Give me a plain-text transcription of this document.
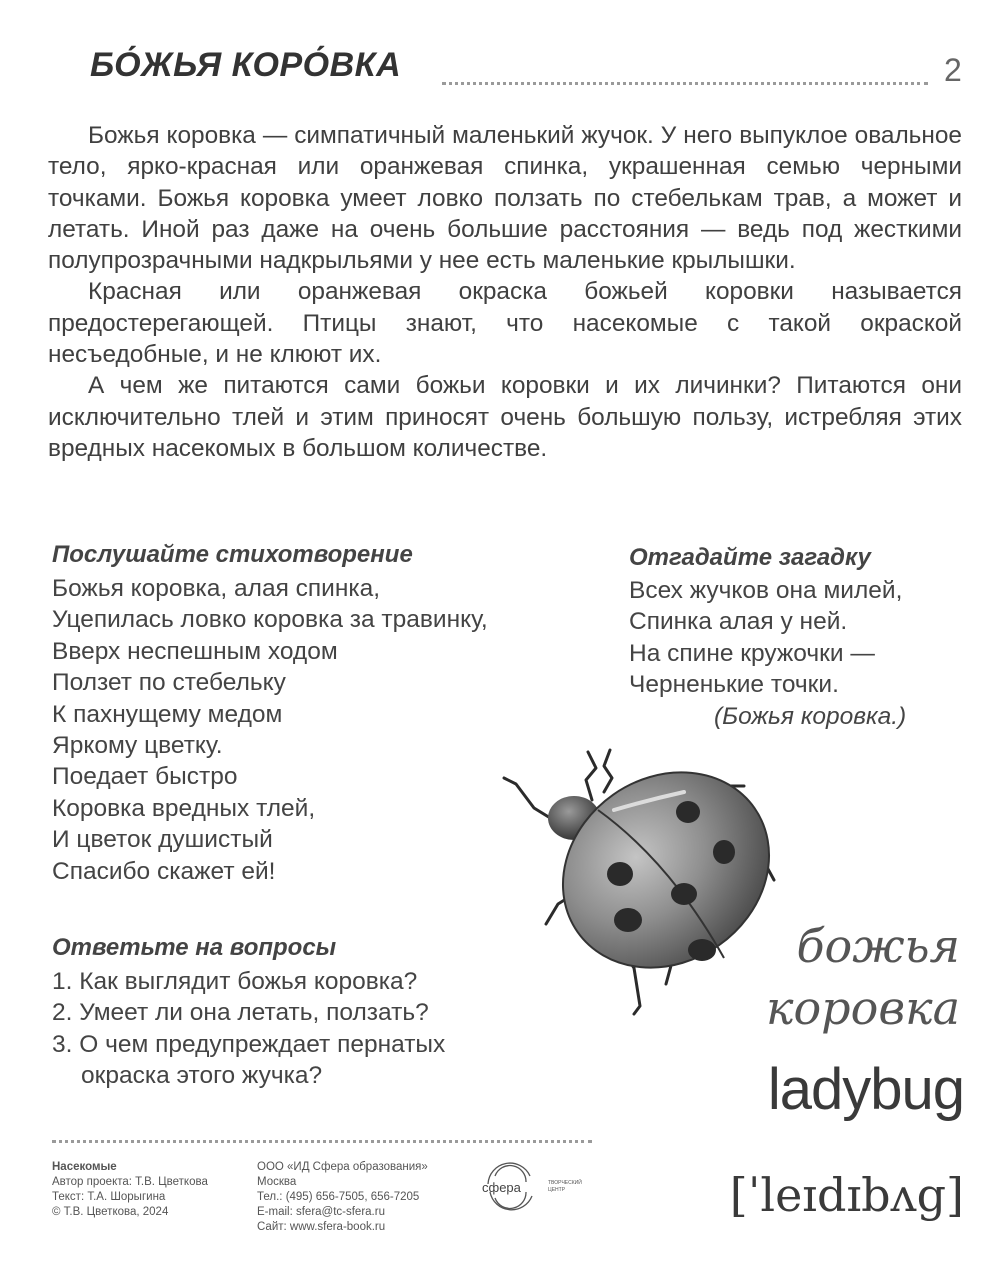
БО́ЖЬЯ КОРО́ВКА	2

Божья коровка — симпатичный маленький жучок. У него выпуклое овальное тело, ярко-красная или оранжевая спинка, украшенная семью черными точками. Божья коровка умеет ловко ползать по стебелькам трав, а может и летать. Иной раз даже на очень большие расстояния — ведь под жесткими полупрозрачными надкрыльями у нее есть маленькие крылышки.

Красная или оранжевая окраска божьей коровки называется предостерегающей. Птицы знают, что насекомые с такой окраской несъедобные, и не клюют их.

А чем же питаются сами божьи коровки и их личинки? Питаются они исключительно тлей и этим приносят очень большую пользу, истребляя этих вредных насекомых в большом количестве.

Послушайте стихотворение
Божья коровка, алая спинка,
Уцепилась ловко коровка за травинку,
Вверх неспешным ходом
Ползет по стебельку
К пахнущему медом
Яркому цветку.
Поедает быстро
Коровка вредных тлей,
И цветок душистый
Спасибо скажет ей!
Отгадайте загадку
Всех жучков она милей,
Спинка алая у ней.
На спине кружочки —
Черненькие точки.
(Божья коровка.)
Ответьте на вопросы
1. Как выглядит божья коровка?
2. Умеет ли она летать, ползать?
3. О чем предупреждает пернатых
окраска этого жучка?
божья
коровка
ladybug
[ˈleɪdɪbʌg]
Насекомые
Автор проекта: Т.В. Цветкова
Текст: Т.А. Шорыгина
© Т.В. Цветкова, 2024
ООО «ИД Сфера образования»
Москва
Тел.: (495) 656-7505, 656-7205
E-mail: sfera@tc-sfera.ru
Сайт: www.sfera-book.ru
сфера	ТВОРЧЕСКИЙ
ЦЕНТР
